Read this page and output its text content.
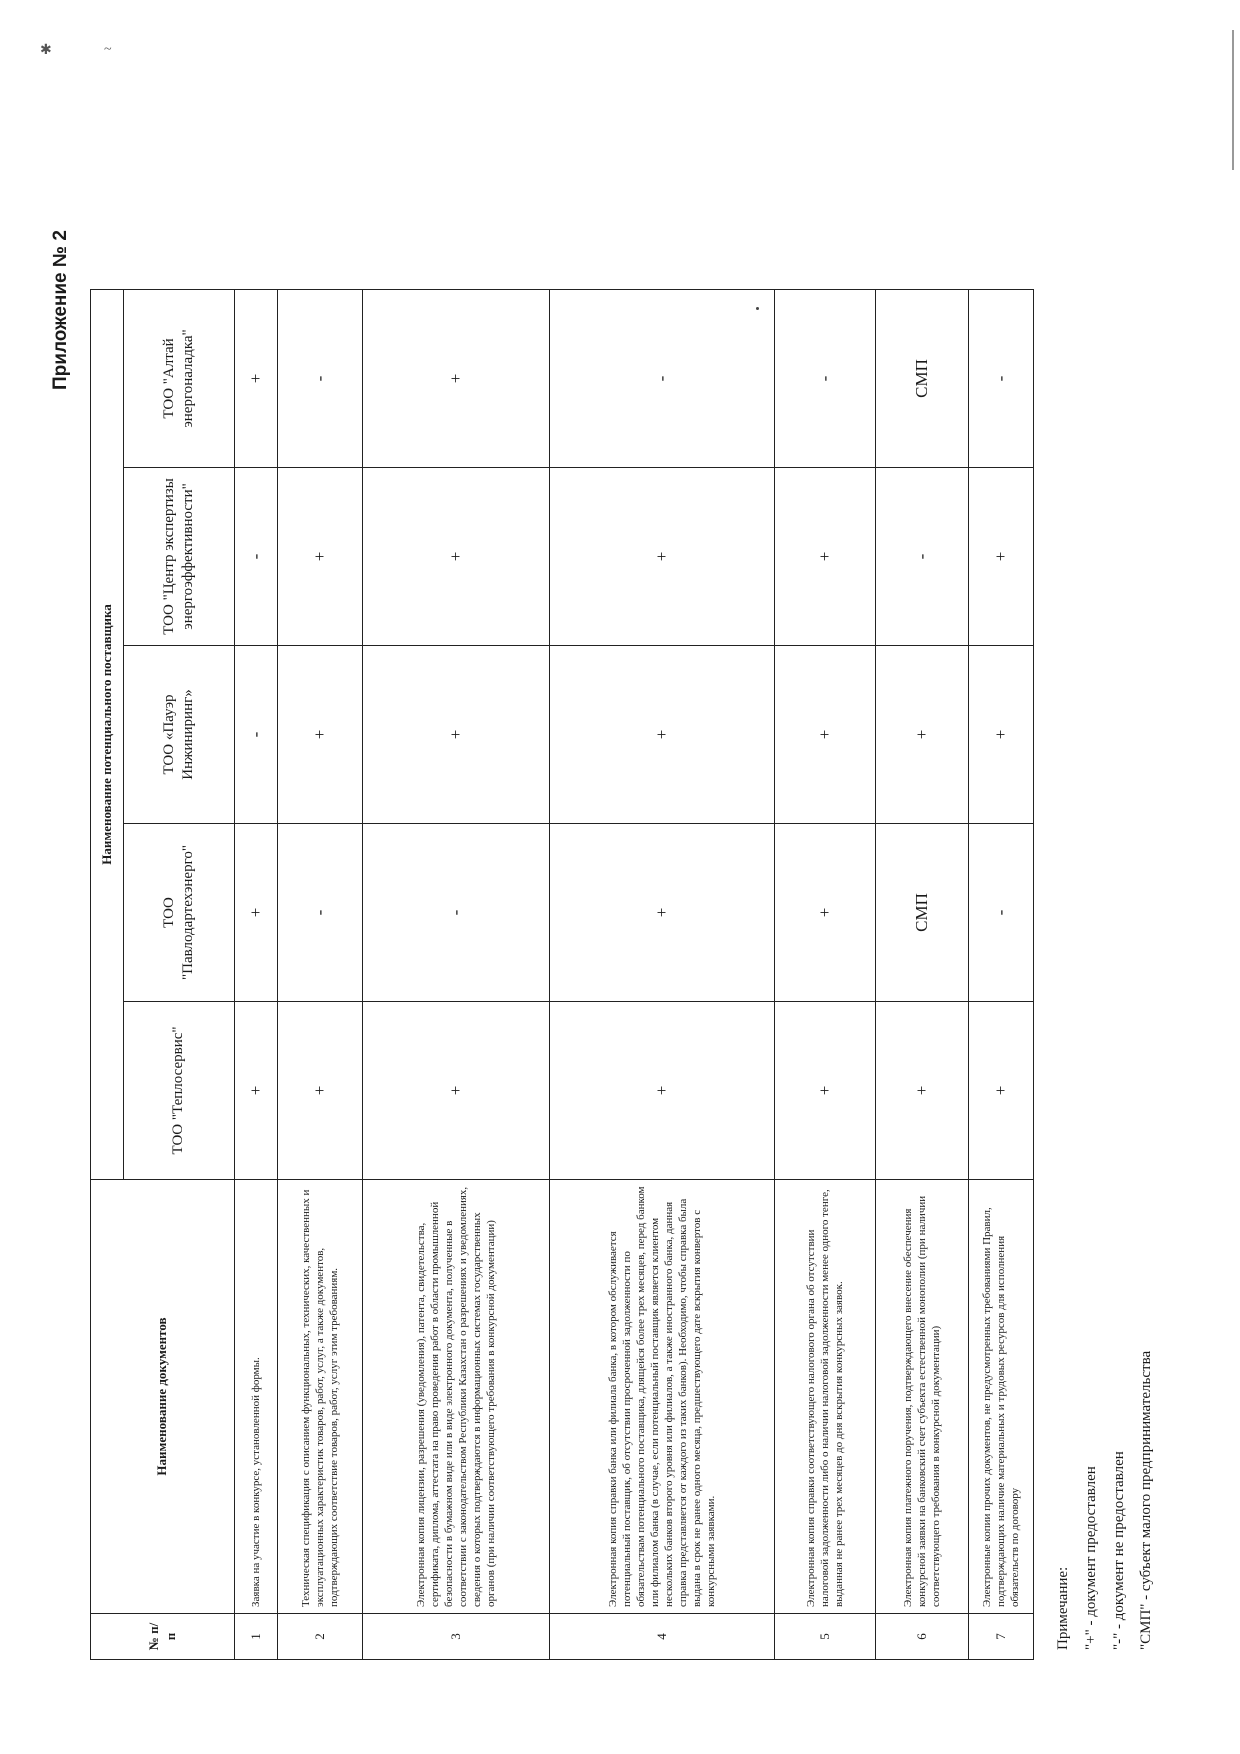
✱	~
Приложение № 2
№ п/п	Наименование документов	Наименование потенциального поставщика				
		ТОО "Теплосервис"	ТОО "Павлодартехэнерго"	ТОО «Пауэр Инжиниринг»	ТОО "Центр экспертизы энергоэффективности"	ТОО "Алтай энергоналадка"
1	Заявка на участие в конкурсе, установленной формы.	+	+	-	-	+
2	Техническая спецификация с описанием функциональных, технических, качественных и эксплуатационных характеристик товаров, работ, услуг, а также документов, подтверждающих соответствие товаров, работ, услуг этим требованиям.	+	-	+	+	-
3	Электронная копия лицензии, разрешения (уведомления), патента, свидетельства, сертификата, диплома, аттестата на право проведения работ в области промышленной безопасности в бумажном виде или в виде электронного документа, полученные в соответствии с законодательством Республики Казахстан о разрешениях и уведомлениях, сведения о которых подтверждаются в информационных системах государственных органов (при наличии соответствующего требования в конкурсной документации)	+	-	+	+	+
4	Электронная копия справки банка или филиала банка, в котором обслуживается потенциальный поставщик, об отсутствии просроченной задолженности по обязательствам потенциального поставщика, длящейся более трех месяцев, перед банком или филиалом банка (в случае, если потенциальный поставщик является клиентом нескольких банков второго уровня или филиалов, а также иностранного банка, данная справка представляется от каждого из таких банков). Необходимо, чтобы справка была выдана в срок не ранее одного месяца, предшествующего дате вскрытия конвертов с конкурсными заявками.	+	+	+	+	-
5	Электронная копия справки соответствующего налогового органа об отсутствии налоговой задолженности либо о наличии налоговой задолженности менее одного тенге, выданная не ранее трех месяцев до дня вскрытия конкурсных заявок.	+	+	+	+	-
6	Электронная копия платежного поручения, подтверждающего внесение обеспечения конкурсной заявки на банковский счет субъекта естественной монополии (при наличии соответствующего требования в конкурсной документации)	+	СМП	+	-	СМП
7	Электронные копии прочих документов, не предусмотренных требованиями Правил, подтверждающих наличие материальных и трудовых ресурсов для исполнения обязательств по договору	+	-	+	+	-
Примечание: "+" - документ предоставлен "-" - документ не предоставлен "СМП" - субъект малого предпринимательства
